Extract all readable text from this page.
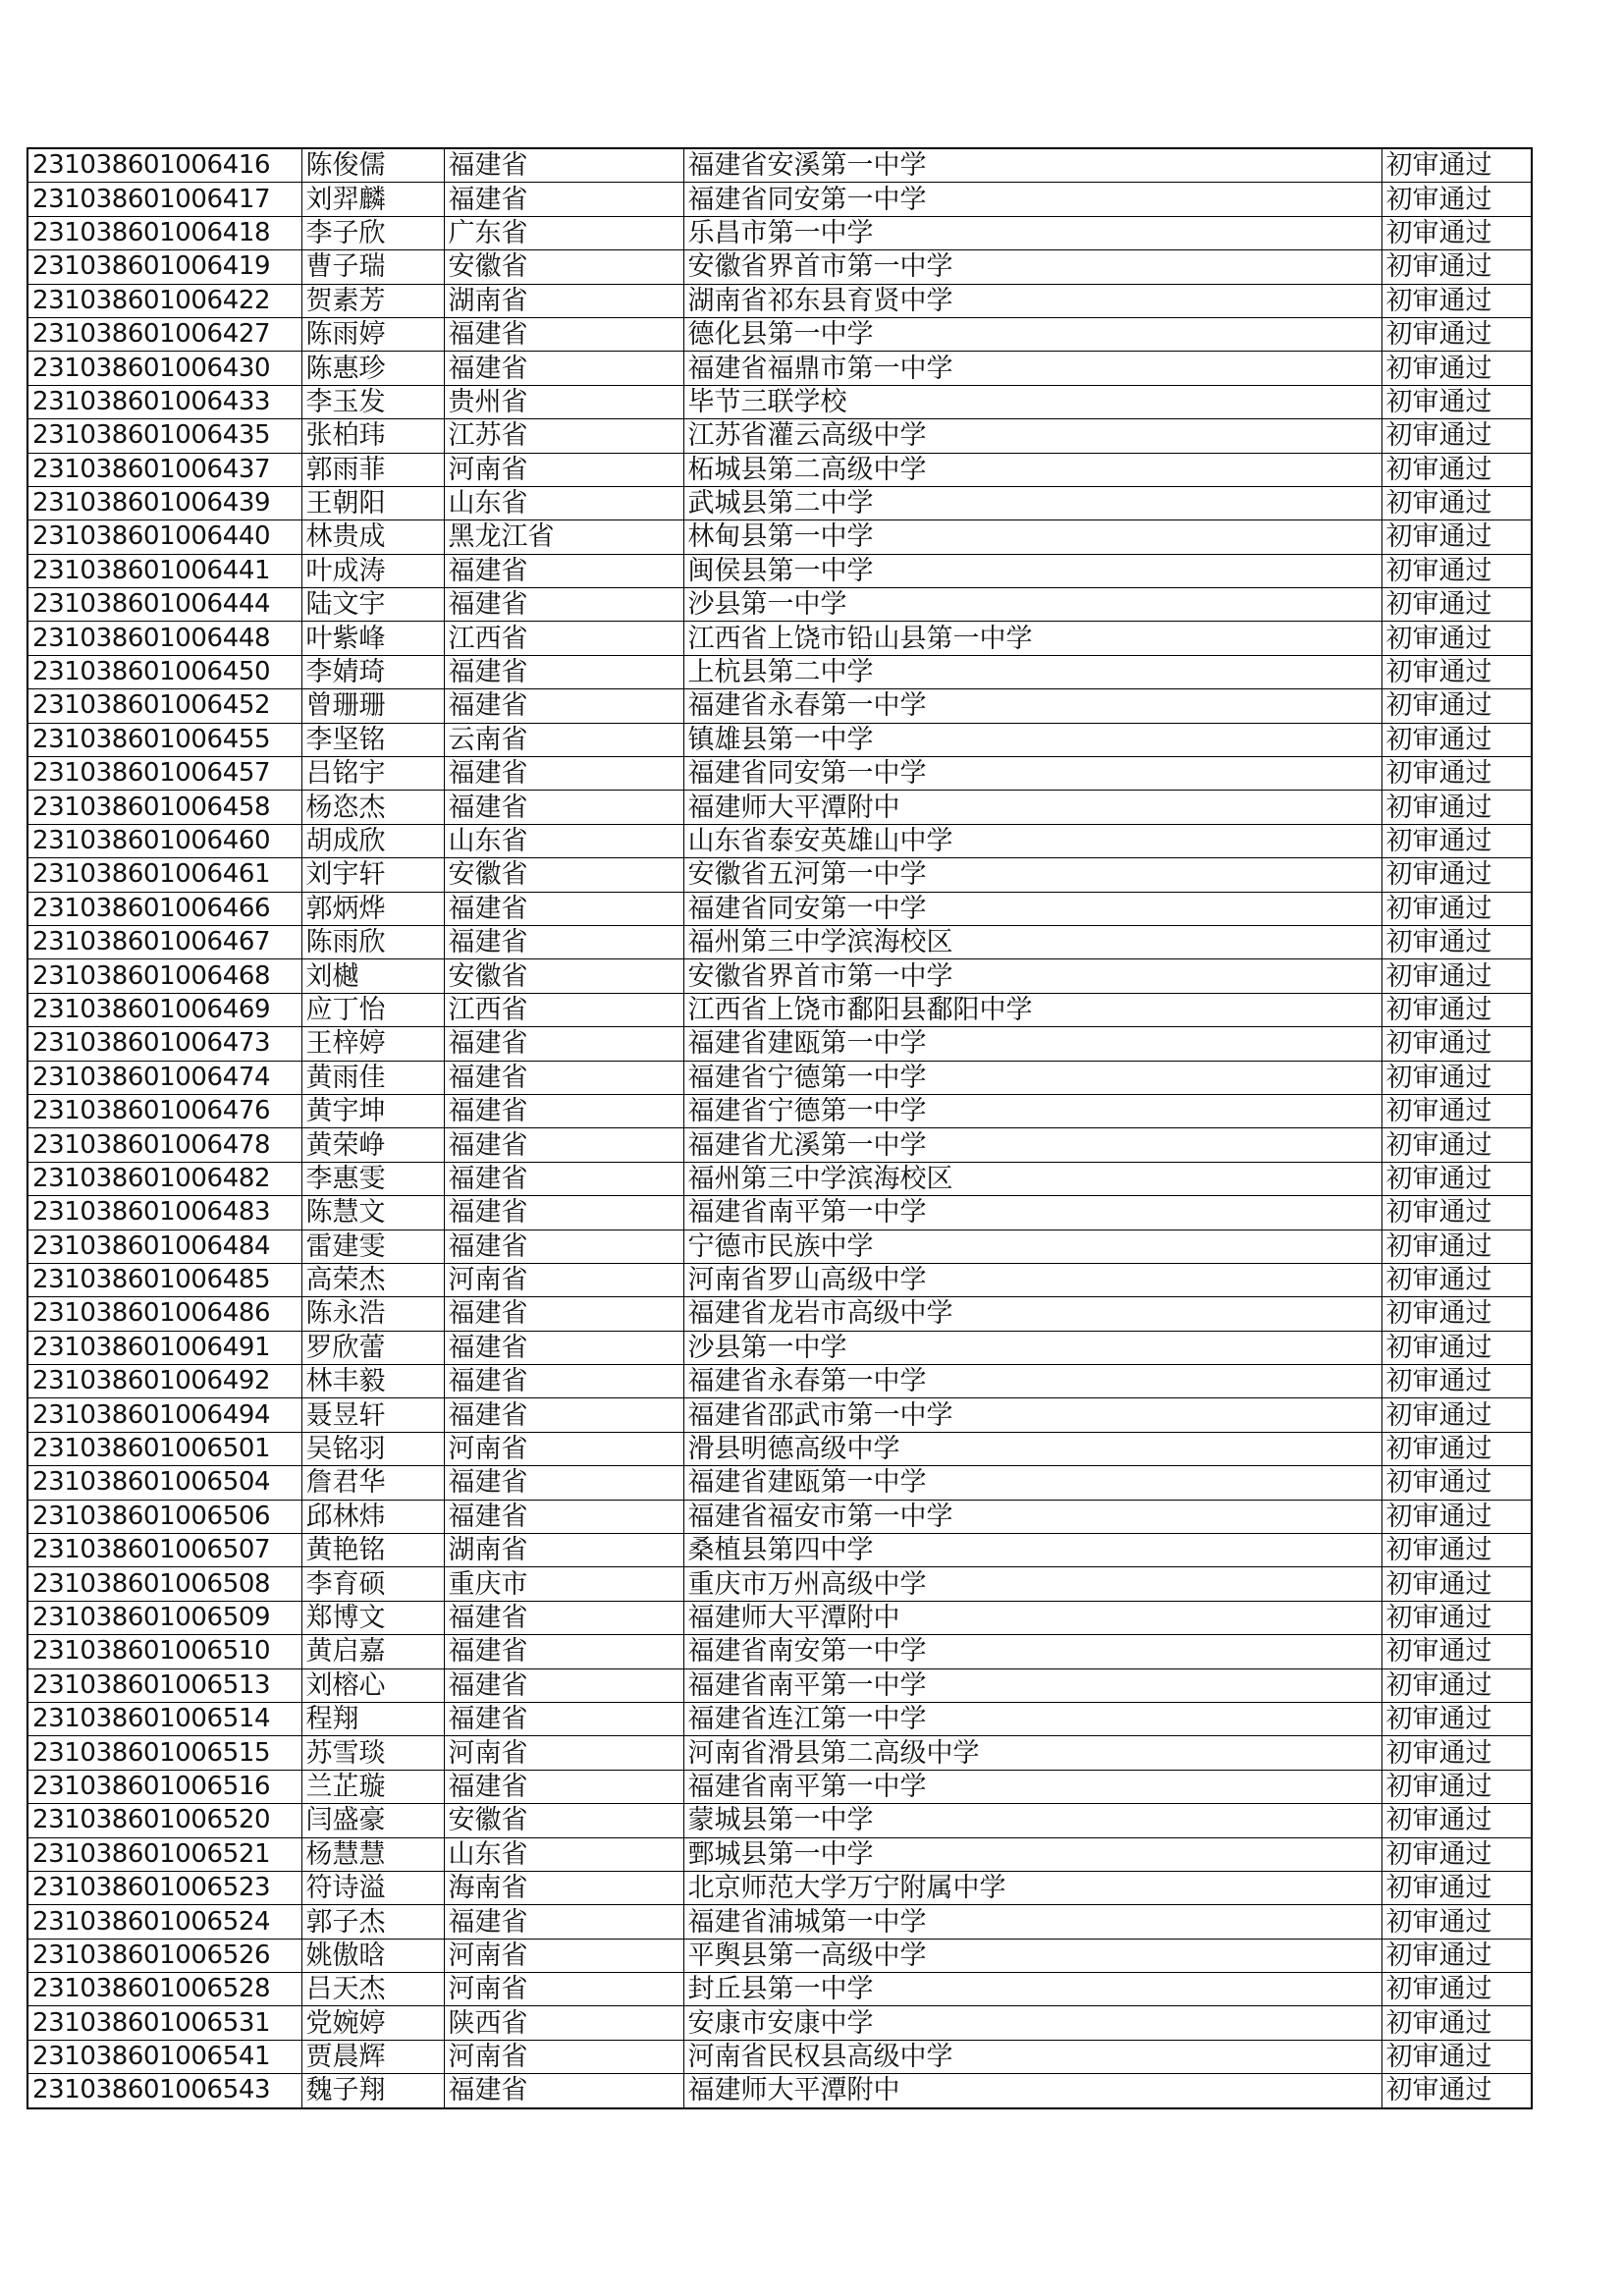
231038601006416	陈俊儒	福建省	福建省安溪第一中学	初审通过
231038601006417	刘羿麟	福建省	福建省同安第一中学	初审通过
231038601006418	李子欣	广东省	乐昌市第一中学	初审通过
231038601006419	曹子瑞	安徽省	安徽省界首市第一中学	初审通过
231038601006422	贺素芳	湖南省	湖南省祁东县育贤中学	初审通过
231038601006427	陈雨婷	福建省	德化县第一中学	初审通过
231038601006430	陈惠珍	福建省	福建省福鼎市第一中学	初审通过
231038601006433	李玉发	贵州省	毕节三联学校	初审通过
231038601006435	张柏玮	江苏省	江苏省灌云高级中学	初审通过
231038601006437	郭雨菲	河南省	柘城县第二高级中学	初审通过
231038601006439	王朝阳	山东省	武城县第二中学	初审通过
231038601006440	林贵成	黑龙江省	林甸县第一中学	初审通过
231038601006441	叶成涛	福建省	闽侯县第一中学	初审通过
231038601006444	陆文宇	福建省	沙县第一中学	初审通过
231038601006448	叶紫峰	江西省	江西省上饶市铅山县第一中学	初审通过
231038601006450	李婧琦	福建省	上杭县第二中学	初审通过
231038601006452	曾珊珊	福建省	福建省永春第一中学	初审通过
231038601006455	李坚铭	云南省	镇雄县第一中学	初审通过
231038601006457	吕铭宇	福建省	福建省同安第一中学	初审通过
231038601006458	杨恣杰	福建省	福建师大平潭附中	初审通过
231038601006460	胡成欣	山东省	山东省泰安英雄山中学	初审通过
231038601006461	刘宇轩	安徽省	安徽省五河第一中学	初审通过
231038601006466	郭炳烨	福建省	福建省同安第一中学	初审通过
231038601006467	陈雨欣	福建省	福州第三中学滨海校区	初审通过
231038601006468	刘樾	安徽省	安徽省界首市第一中学	初审通过
231038601006469	应丁怡	江西省	江西省上饶市鄱阳县鄱阳中学	初审通过
231038601006473	王梓婷	福建省	福建省建瓯第一中学	初审通过
231038601006474	黄雨佳	福建省	福建省宁德第一中学	初审通过
231038601006476	黄宇坤	福建省	福建省宁德第一中学	初审通过
231038601006478	黄荣峥	福建省	福建省尤溪第一中学	初审通过
231038601006482	李惠雯	福建省	福州第三中学滨海校区	初审通过
231038601006483	陈慧文	福建省	福建省南平第一中学	初审通过
231038601006484	雷建雯	福建省	宁德市民族中学	初审通过
231038601006485	高荣杰	河南省	河南省罗山高级中学	初审通过
231038601006486	陈永浩	福建省	福建省龙岩市高级中学	初审通过
231038601006491	罗欣蕾	福建省	沙县第一中学	初审通过
231038601006492	林丰毅	福建省	福建省永春第一中学	初审通过
231038601006494	聂昱轩	福建省	福建省邵武市第一中学	初审通过
231038601006501	吴铭羽	河南省	滑县明德高级中学	初审通过
231038601006504	詹君华	福建省	福建省建瓯第一中学	初审通过
231038601006506	邱林炜	福建省	福建省福安市第一中学	初审通过
231038601006507	黄艳铭	湖南省	桑植县第四中学	初审通过
231038601006508	李育硕	重庆市	重庆市万州高级中学	初审通过
231038601006509	郑博文	福建省	福建师大平潭附中	初审通过
231038601006510	黄启嘉	福建省	福建省南安第一中学	初审通过
231038601006513	刘榕心	福建省	福建省南平第一中学	初审通过
231038601006514	程翔	福建省	福建省连江第一中学	初审通过
231038601006515	苏雪琰	河南省	河南省滑县第二高级中学	初审通过
231038601006516	兰芷璇	福建省	福建省南平第一中学	初审通过
231038601006520	闫盛豪	安徽省	蒙城县第一中学	初审通过
231038601006521	杨慧慧	山东省	鄄城县第一中学	初审通过
231038601006523	符诗溢	海南省	北京师范大学万宁附属中学	初审通过
231038601006524	郭子杰	福建省	福建省浦城第一中学	初审通过
231038601006526	姚傲晗	河南省	平舆县第一高级中学	初审通过
231038601006528	吕天杰	河南省	封丘县第一中学	初审通过
231038601006531	党婉婷	陕西省	安康市安康中学	初审通过
231038601006541	贾晨辉	河南省	河南省民权县高级中学	初审通过
231038601006543	魏子翔	福建省	福建师大平潭附中	初审通过
